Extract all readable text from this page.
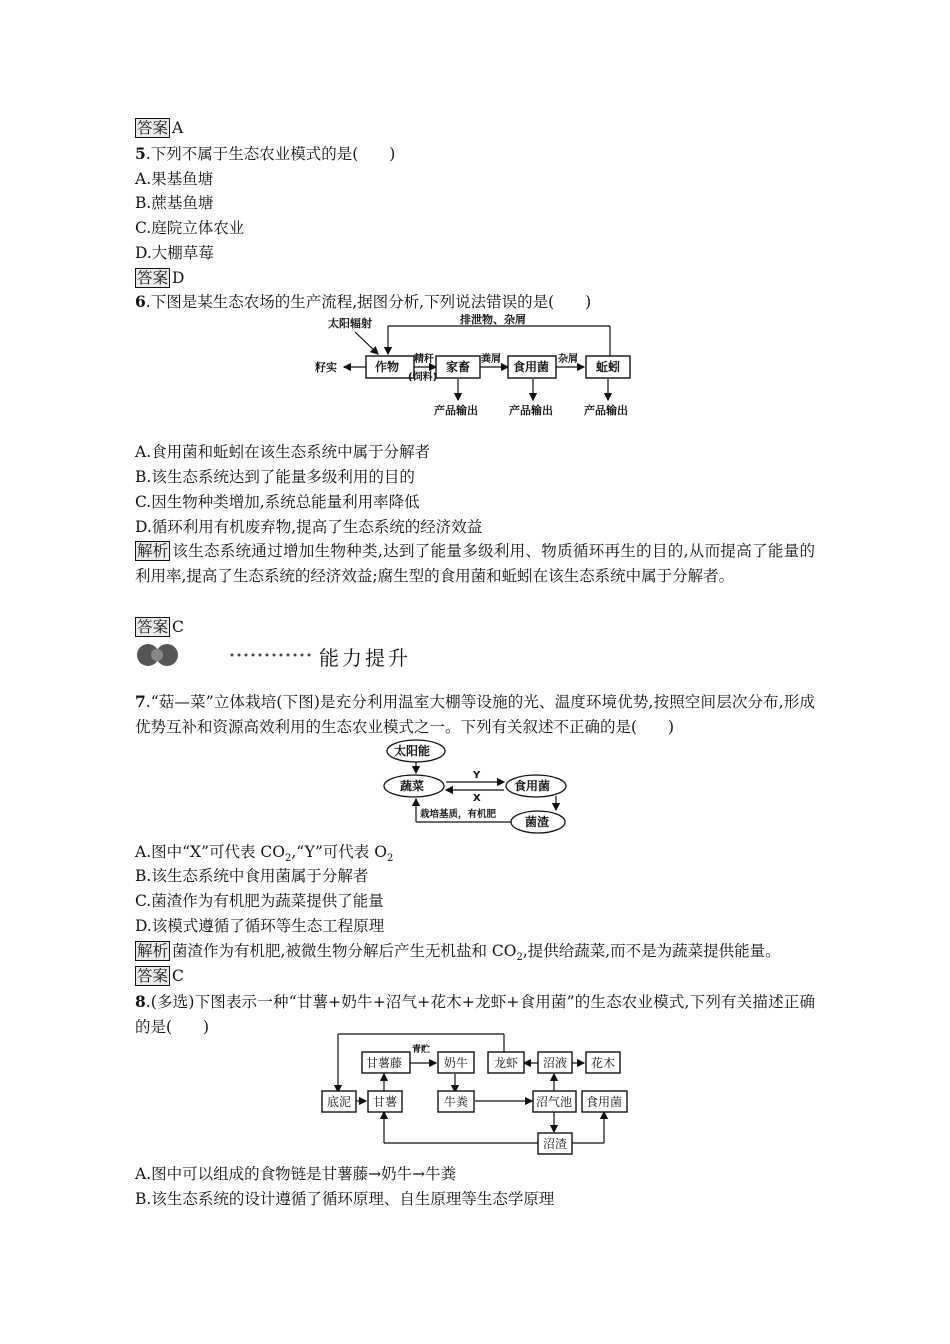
答案 A
5.下列不属于生态农业模式的是(　　)
A.果基鱼塘
B.蔗基鱼塘
C.庭院立体农业
D.大棚草莓
答案 D
6.下图是某生态农场的生产流程,据图分析,下列说法错误的是(　　)
太阳辐射	排泄物、杂屑
籽实	作物
精秆
(饲料)
家畜
粪屑
食用菌
杂屑
蚯蚓
产品输出	产品输出	产品输出
A.食用菌和蚯蚓在该生态系统中属于分解者
B.该生态系统达到了能量多级利用的目的
C.因生物种类增加,系统总能量利用率降低
D.循环利用有机废弃物,提高了生态系统的经济效益
解析 该生态系统通过增加生物种类,达到了能量多级利用、物质循环再生的目的,从而提高了能量的利用率,提高了生态系统的经济效益;腐生型的食用菌和蚯蚓在该生态系统中属于分解者。
答案 C
能力提升
7.“菇—菜”立体栽培(下图)是充分利用温室大棚等设施的光、温度环境优势,按照空间层次分布,形成优势互补和资源高效利用的生态农业模式之一。下列有关叙述不正确的是(　　)
太阳能
蔬菜	食用菌
Y
X
栽培基质，有机肥
菌渣
A.图中“X”可代表 $CO_2,“Y$”可代表 $O_2$
B.该生态系统中食用菌属于分解者
C.菌渣作为有机肥为蔬菜提供了能量
D.该模式遵循了循环等生态工程原理
解析 菌渣作为有机肥,被微生物分解后产生无机盐和 $CO_2$,提供给蔬菜,而不是为蔬菜提供能量。
答案 C
8.(多选)下图表示一种“甘薯+奶牛+沼气+花木+龙虾+食用菌”的生态农业模式,下列有关描述正确的是(　　)
甘薯藤
青贮
奶牛 龙虾 沼液 花木
底泥 甘薯	牛粪	沼气池 食用菌
沼渣
A.图中可以组成的食物链是甘薯藤→奶牛→牛粪
B.该生态系统的设计遵循了循环原理、自生原理等生态学原理
